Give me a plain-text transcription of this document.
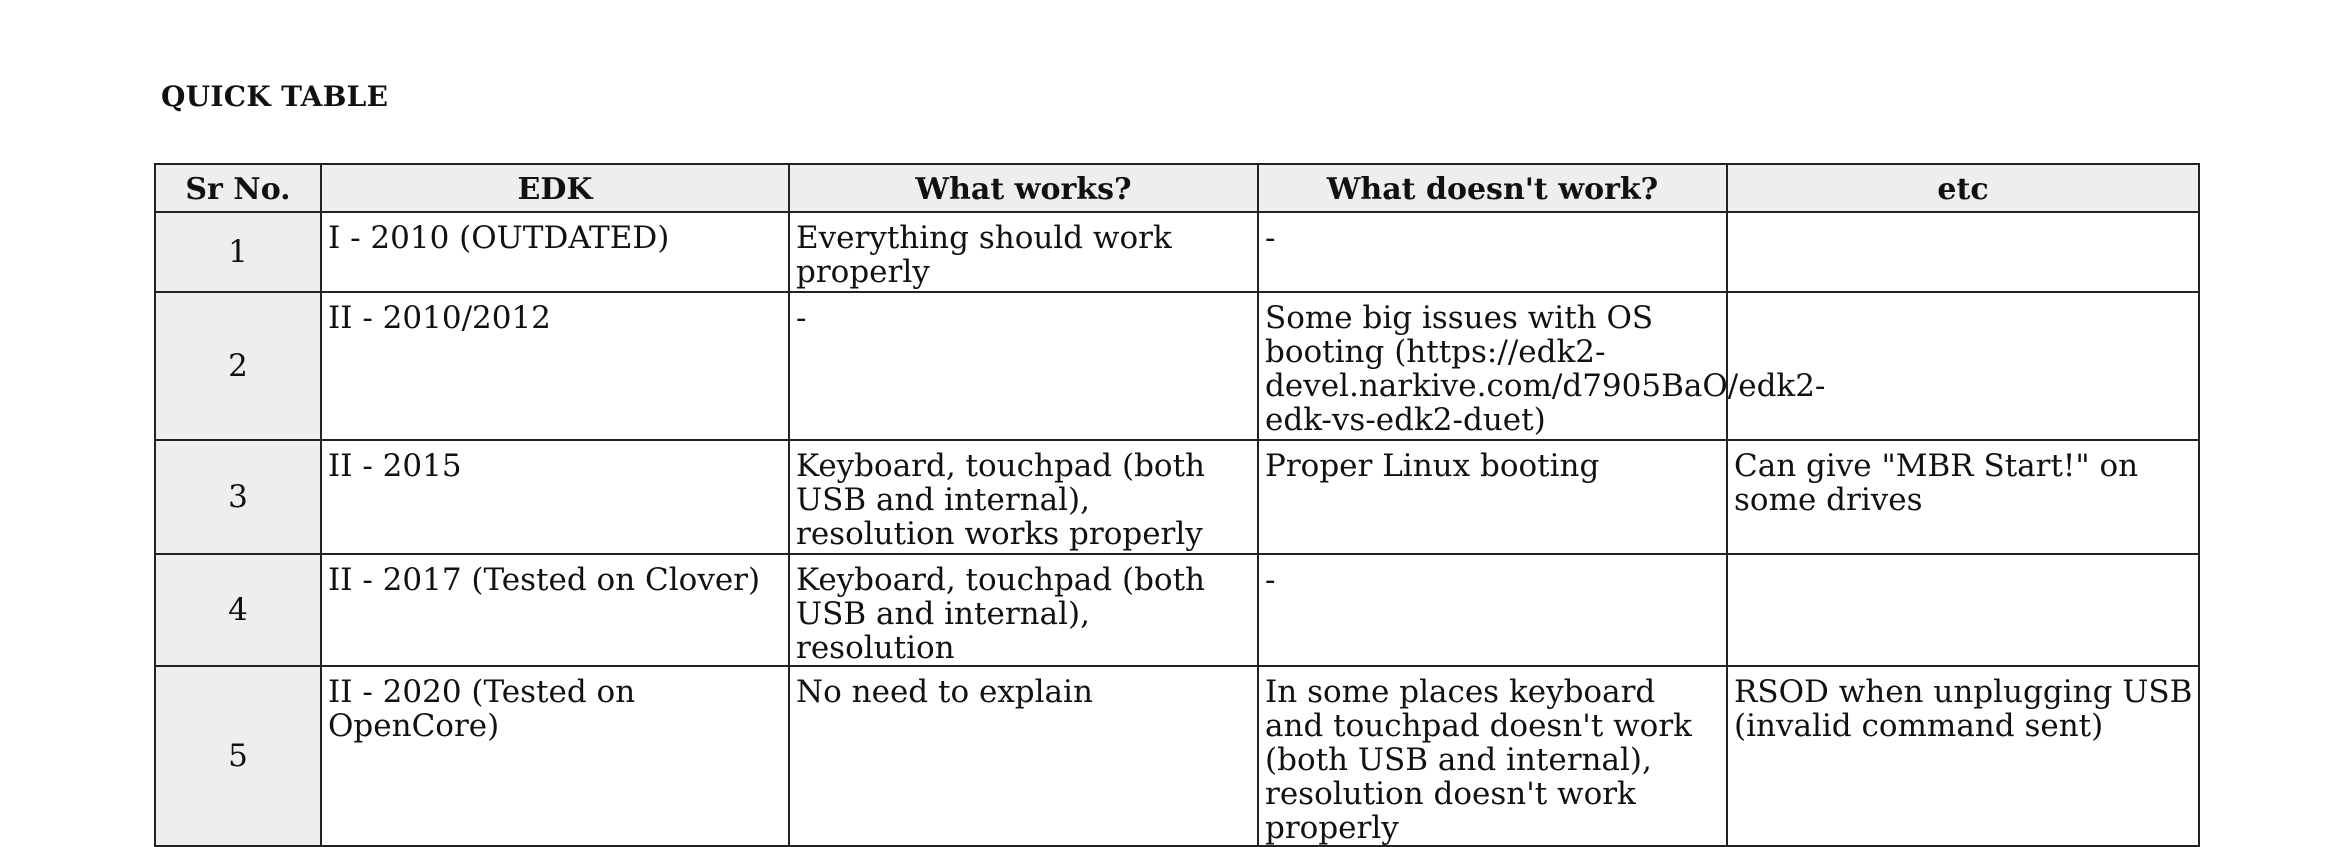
QUICK TABLE
Sr No.	EDK	What works?	What doesn't work?	etc
1	I - 2010 (OUTDATED)	Everything should work properly	-	
2	II - 2010/2012	-	Some big issues with OS booting (https://edk2-devel.narkive.com/d7905BaO/edk2-edk-vs-edk2-duet)	
3	II - 2015	Keyboard, touchpad (both USB and internal), resolution works properly	Proper Linux booting	Can give "MBR Start!" on some drives
4	II - 2017 (Tested on Clover)	Keyboard, touchpad (both USB and internal), resolution	-	
5	II - 2020 (Tested on OpenCore)	No need to explain	In some places keyboard and touchpad doesn't work (both USB and internal), resolution doesn't work properly	RSOD when unplugging USB (invalid command sent)
